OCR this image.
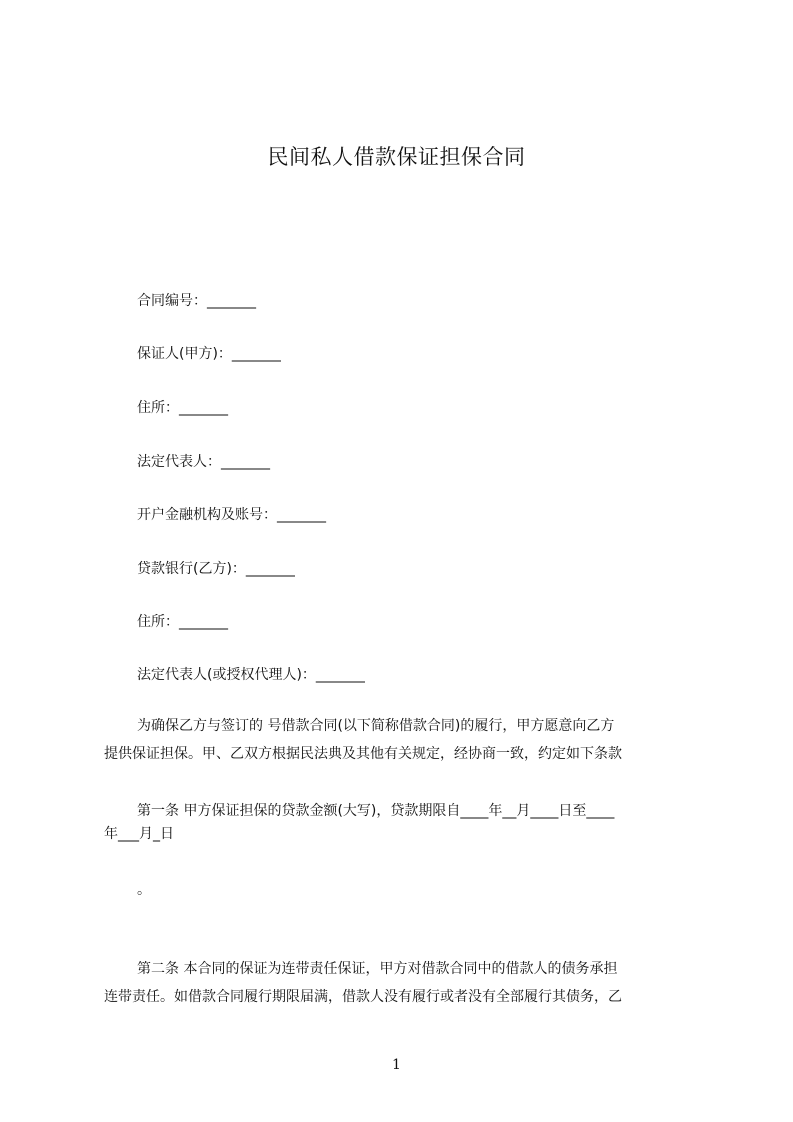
民间私人借款保证担保合同
合同编号：_______
保证人(甲方)：_______
住所：_______
法定代表人：_______
开户金融机构及账号：_______
贷款银行(乙方)：_______
住所：_______
法定代表人(或授权代理人)：_______
为确保乙方与签订的 号借款合同(以下简称借款合同)的履行，甲方愿意向乙方
提供保证担保。甲、乙双方根据民法典及其他有关规定，经协商一致，约定如下条款
第一条 甲方保证担保的贷款金额(大写)，贷款期限自____年__月____日至____
年___月_日
。
第二条 本合同的保证为连带责任保证，甲方对借款合同中的借款人的债务承担
连带责任。如借款合同履行期限届满，借款人没有履行或者没有全部履行其债务，乙
1
